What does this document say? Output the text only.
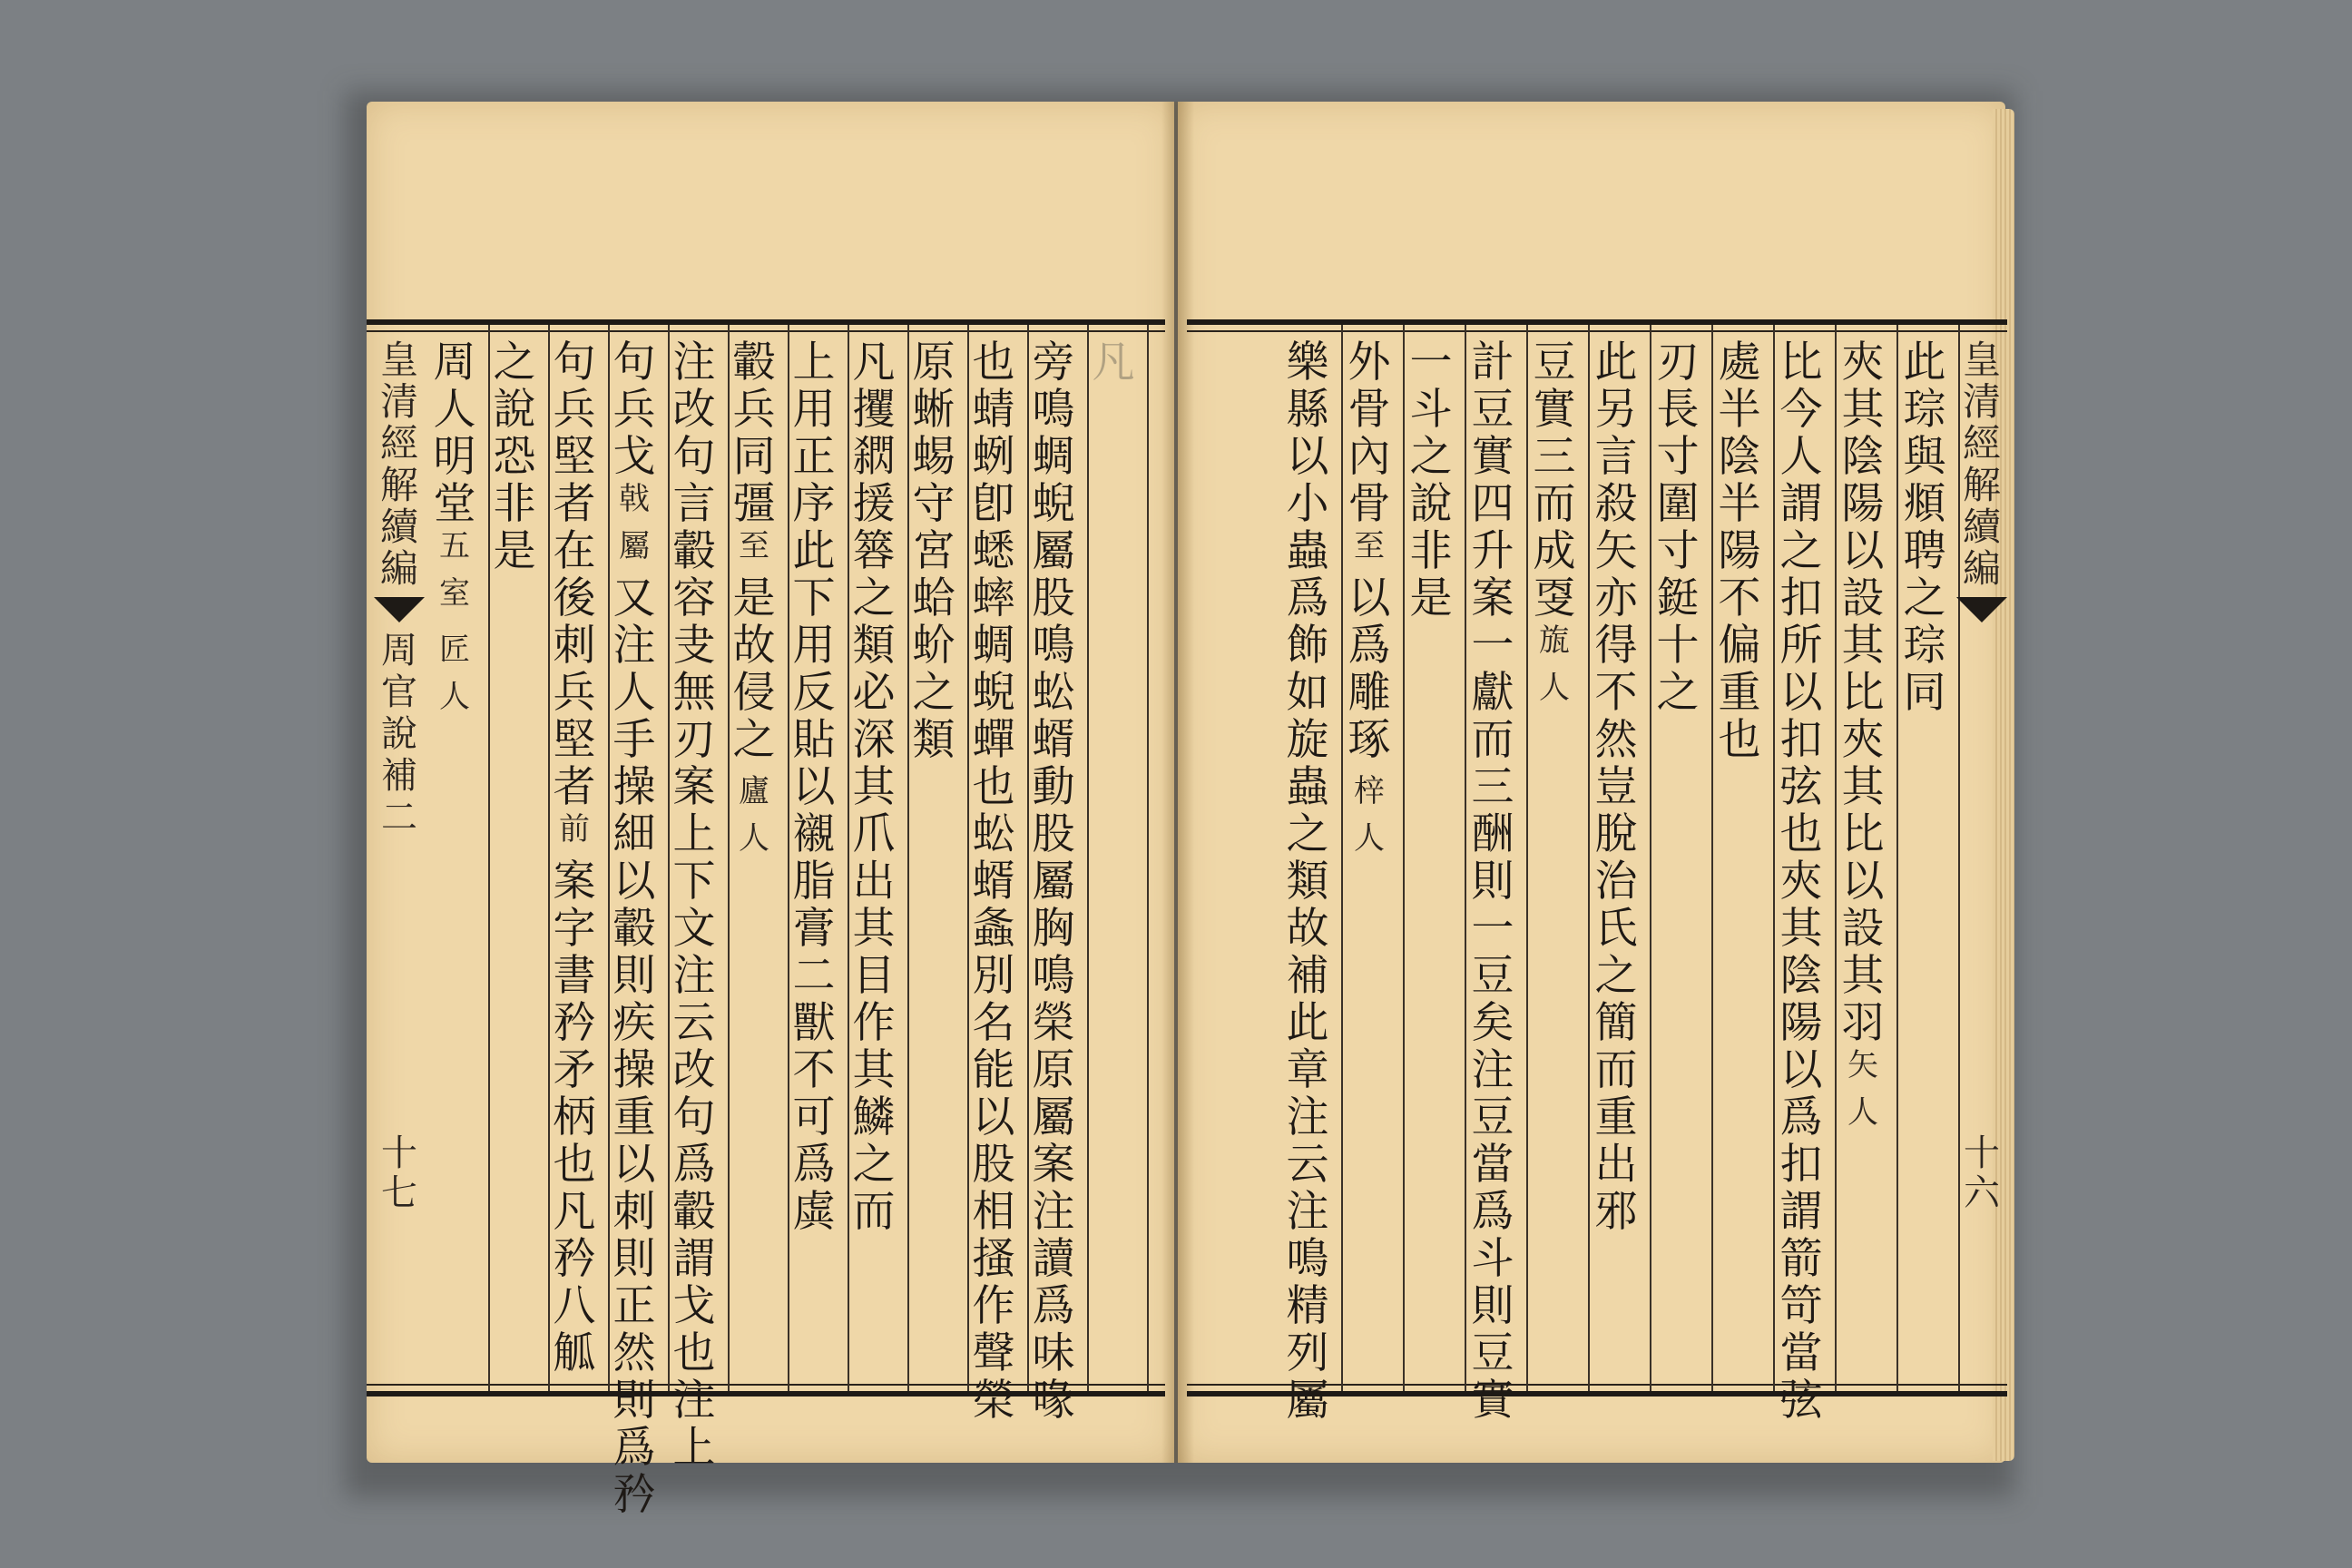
凡
旁
鳴
蜩
蜺
屬
股
鳴
蚣
蝑
動
股
屬
胸
鳴
榮
原
屬
案
注
讀
爲
味
喙
也
蜻
蛚
卽
蟋
蟀
蜩
蜺
蟬
也
蚣
蝑
螽
別
名
能
以
股
相
搔
作
聲
榮
原
蜥
蜴
守
宮
蛤
蚧
之
類
凡
攫
閷
援
簭
之
類
必
深
其
爪
出
其
目
作
其
鱗
之
而
上
用
正
序
此
下
用
反
貼
以
襯
脂
膏
二
獸
不
可
爲
虡
轂
兵
同
彊
至
是
故
侵
之
廬
人
注
改
句
言
轂
容
叏
無
刃
案
上
下
文
注
云
改
句
爲
轂
謂
戈
也
注
上
句
兵
戈
戟
屬
又
注
人
手
操
細
以
轂
則
疾
操
重
以
刺
則
正
然
則
爲
矜
句
兵
堅
者
在
後
刺
兵
堅
者
前
案
字
書
矜
矛
柄
也
凡
矜
八
觚
之
說
恐
非
是
周
人
明
堂
五
室
匠
人
皇
清
經
解
續
編
周
官
說
補
二
十
七
此
琮
與
頫
聘
之
琮
同
夾
其
陰
陽
以
設
其
比
夾
其
比
以
設
其
羽
矢
人
比
今
人
謂
之
扣
所
以
扣
弦
也
夾
其
陰
陽
以
爲
扣
謂
箭
笴
當
弦
處
半
陰
半
陽
不
偏
重
也
刃
長
寸
圍
寸
鋌
十
之
此
另
言
殺
矢
亦
得
不
然
豈
脫
治
氏
之
簡
而
重
出
邪
豆
實
三
而
成
㪅
旊
人
計
豆
實
四
升
案
一
獻
而
三
酬
則
一
豆
矣
注
豆
當
爲
斗
則
豆
實
一
斗
之
說
非
是
外
骨
內
骨
至
以
爲
雕
琢
梓
人
樂
縣
以
小
蟲
爲
飾
如
旋
蟲
之
類
故
補
此
章
注
云
注
鳴
精
列
屬
皇
清
經
解
續
編
十
六
